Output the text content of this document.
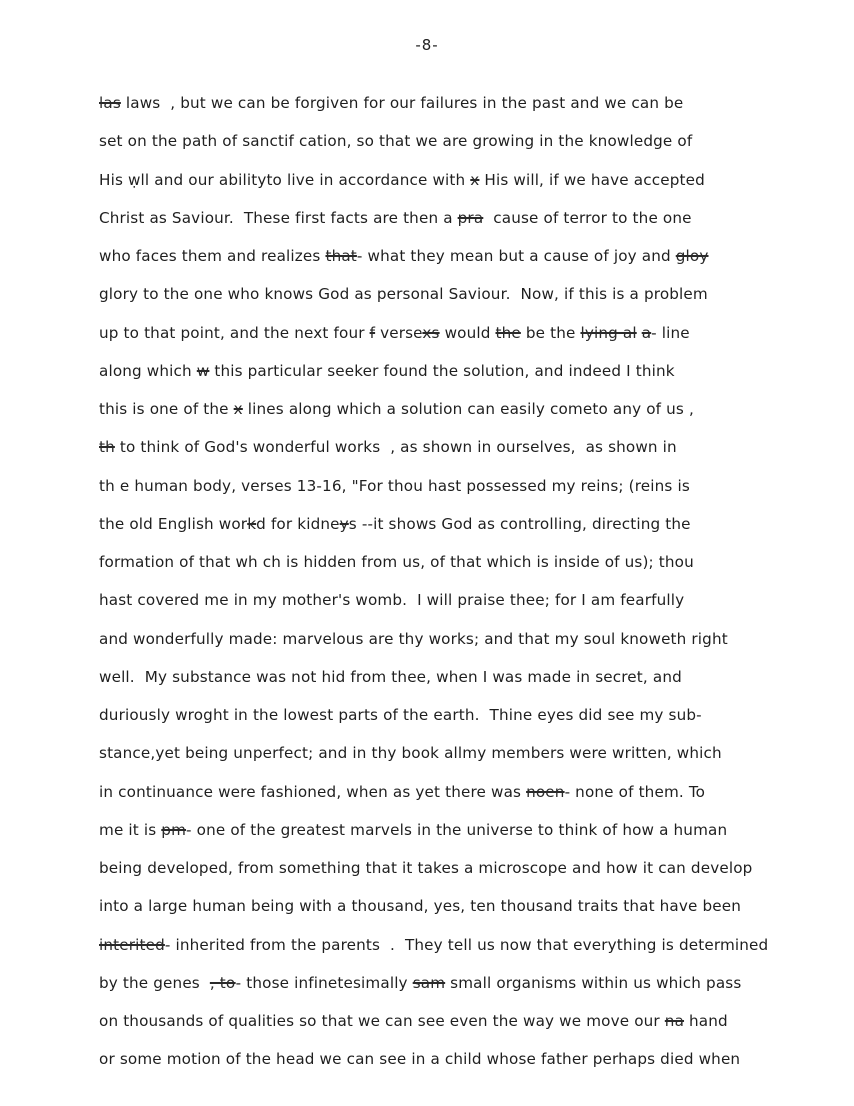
-8-
las laws  , but we can be forgiven for our failures in the past and we can be
set on the path of sanctif cation, so that we are growing in the knowledge of
His ẉll and our abilityto live in accordance with x His will, if we have accepted
Christ as Saviour.  These first facts are then a pra  cause of terror to the one
who faces them and realizes that- what they mean but a cause of joy and gloy
glory to the one who knows God as personal Saviour.  Now, if this is a problem
up to that point, and the next four f versexs would the be the lying al a- line
along which w this particular seeker found the solution, and indeed I think
this is one of the x lines along which a solution can easily cometo any of us ,
th to think of God's wonderful works  , as shown in ourselves,  as shown in
th e human body, verses 13-16, "For thou hast possessed my reins; (reins is
the old English workd for kidneys --it shows God as controlling, directing the
formation of that wh ch is hidden from us, of that which is inside of us); thou
hast covered me in my mother's womb.  I will praise thee; for I am fearfully
and wonderfully made: marvelous are thy works; and that my soul knoweth right
well.  My substance was not hid from thee, when I was made in secret, and
duriously wroght in the lowest parts of the earth.  Thine eyes did see my sub-
stance,yet being unperfect; and in thy book allmy members were written, which
in continuance were fashioned, when as yet there was noen- none of them. To
me it is pm- one of the greatest marvels in the universe to think of how a human
being developed, from something that it takes a microscope and how it can develop
into a large human being with a thousand, yes, ten thousand traits that have been
interited- inherited from the parents  .  They tell us now that everything is determined
by the genes  , to- those infinetesimally sam small organisms within us which pass
on thousands of qualities so that we can see even the way we move our na hand
or some motion of the head we can see in a child whose father perhaps died when
